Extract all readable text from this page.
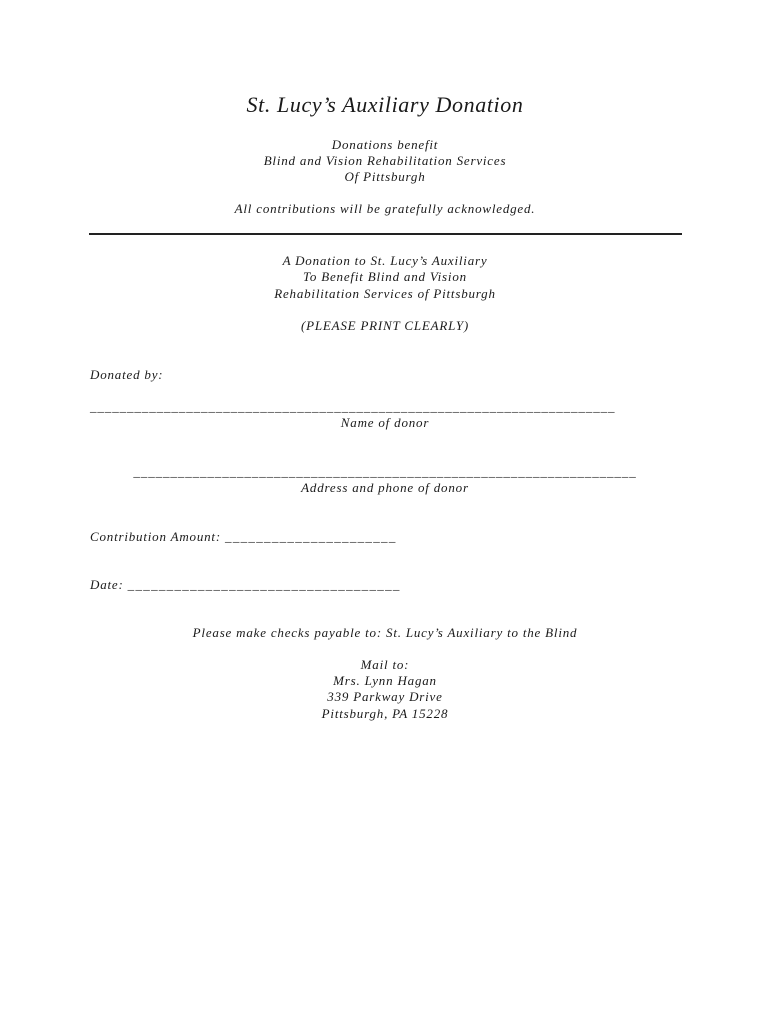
St. Lucy’s Auxiliary Donation
Donations benefit
Blind and Vision Rehabilitation Services
Of Pittsburgh
All contributions will be gratefully acknowledged.
A Donation to St. Lucy’s Auxiliary
To Benefit Blind and Vision
Rehabilitation Services of Pittsburgh
(PLEASE PRINT CLEARLY)
Donated by:
_______________________________________________________________________
Name of donor
____________________________________________________________________
Address and phone of donor
Contribution Amount: ______________________
Date: ___________________________________
Please make checks payable to: St. Lucy’s Auxiliary to the Blind
Mail to:
Mrs. Lynn Hagan
339 Parkway Drive
Pittsburgh, PA 15228
